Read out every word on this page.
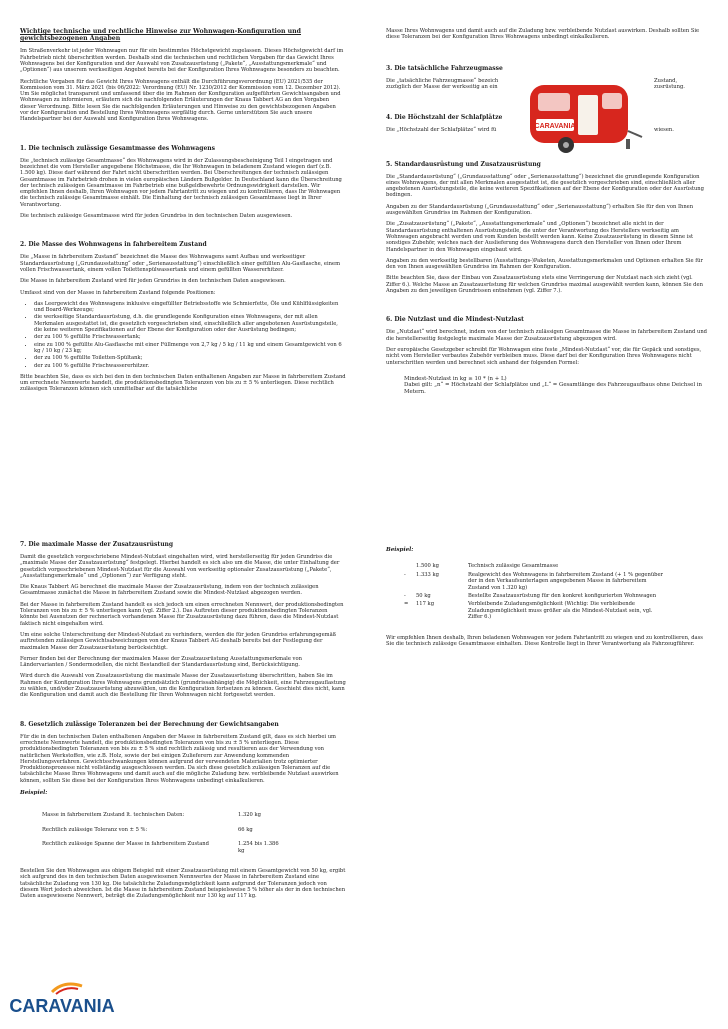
Wichtige technische und rechtliche Hinweise zur Wohnwagen-Konfiguration und gewichtsbezogenen Angaben

Im Straßenverkehr ist jeder Wohnwagen nur für ein bestimmtes Höchstgewicht zugelassen. Dieses Höchstgewicht darf im Fahrbetrieb nicht überschritten werden. Deshalb sind die technischen und rechtlichen Vorgaben für das Gewicht Ihres Wohnwagens bei der Konfiguration und der Auswahl von Zusatzausrüstung („Pakete“, „Ausstattungsmerkmale“ und „Optionen“) aus unserem werkseitigen Angebot bereits bei der Konfiguration Ihres Wohnwagens besonders zu beachten.

Rechtliche Vorgaben für das Gewicht Ihres Wohnwagens enthält die Durchführungsverordnung (EU) 2021/535 der Kommission vom 31. März 2021 (bis 06/2022: Verordnung (EU) Nr. 1230/2012 der Kommission vom 12. Dezember 2012). Um Sie möglichst transparent und umfassend über die im Rahmen der Konfiguration aufgeführten Gewichtsangaben und Wohnwagen zu informieren, erläutern sich die nachfolgenden Erläuterungen der Knaus Tabbert AG an den Vorgaben dieser Verordnung. Bitte lesen Sie die nachfolgenden Erläuterungen und Hinweise zu den gewichtsbezogenen Angaben vor der Konfiguration und Bestellung Ihres Wohnwagens sorgfältig durch. Gerne unterstützen Sie auch unsere Handelspartner bei der Auswahl und Konfiguration Ihres Wohnwagens.

1. Die technisch zulässige Gesamtmasse des Wohnwagens

Die „technisch zulässige Gesamtmasse“ des Wohnwagens wird in der Zulassungsbescheinigung Teil I eingetragen und bezeichnet die vom Hersteller angegebene Höchstmasse, die Ihr Wohnwagen in beladenem Zustand wiegen darf (z.B. 1.500 kg). Diese darf während der Fahrt nicht überschritten werden. Bei Überschreitungen der technisch zulässigen Gesamtmasse im Fahrbetrieb drohen in vielen europäischen Ländern Bußgelder. In Deutschland kann die Überschreitung der technisch zulässigen Gesamtmasse im Fahrbetrieb eine bußgeldbewehrte Ordnungswidrigkeit darstellen. Wir empfehlen Ihnen deshalb, Ihren Wohnwagen vor jedem Fahrtantritt zu wiegen und zu kontrollieren, dass Ihr Wohnwagen die technisch zulässige Gesamtmasse einhält. Die Einhaltung der technisch zulässigen Gesamtmasse liegt in Ihrer Verantwortung.

Die technisch zulässige Gesamtmasse wird für jeden Grundriss in den technischen Daten ausgewiesen.

2. Die Masse des Wohnwagens in fahrbereitem Zustand

Die „Masse in fahrbereitem Zustand“ bezeichnet die Masse des Wohnwagens samt Aufbau und werkseitiger Standardausrüstung („Grundausstattung“ oder „Serienausstattung“) einschließlich einer gefüllten Alu-Gasflasche, einem vollen Frischwassertank, einem vollen Toilettenspülwassertank und einem gefüllten Wassererhitzer.

Die Masse in fahrbereitem Zustand wird für jeden Grundriss in den technischen Daten ausgewiesen.

Umfasst sind von der Masse in fahrbereitem Zustand folgende Positionen:

• das Leergewicht des Wohnwagens inklusive eingefüllter Betriebsstoffe wie Schmierfette, Öle und Kühlflüssigkeiten und Board-Werkzeuge;
• die werkseitige Standardausrüstung, d.h. die grundlegende Konfiguration eines Wohnwagens, der mit allen Merkmalen ausgestattet ist, die gesetzlich vorgeschrieben sind, einschließlich aller angebotenen Ausrüstungsteile, die keine weiteren Spezifikationen auf der Ebene der Konfiguration oder der Ausrüstung bedingen;
• der zu 100 % gefüllte Frischwassertank;
• eine zu 100 % gefüllte Alu-Gasflasche mit einer Füllmenge von 2,7 kg / 5 kg / 11 kg und einem Gesamtgewicht von 6 kg / 10 kg / 23 kg;
• der zu 100 % gefüllte Toiletten-Spültank;
• der zu 100 % gefüllte Frischwassererhitzer.

Bitte beachten Sie, dass es sich bei den in den technischen Daten enthaltenen Angaben zur Masse in fahrbereitem Zustand um errechnete Nennwerte handelt, die produktionsbedingten Toleranzen von bis zu ± 5 % unterliegen. Diese rechtlich zulässigen Toleranzen können sich unmittelbar auf die tatsächliche

Masse Ihres Wohnwagens und damit auch auf die Zuladung bzw. verbleibende Nutzlast auswirken. Deshalb sollten Sie diese Toleranzen bei der Konfiguration Ihres Wohnwagens unbedingt einkalkulieren.

3. Die tatsächliche Fahrzeugmasse
Die „tatsächliche Fahrzeugmasse“ bezeich	Zustand,
zuzüglich der Masse der werkseitig an ein	zusrüstung.
4. Die Höchstzahl der Schlafplätze
Die „Höchstzahl der Schlafplätze“ wird fü	wiesen.
5. Standardausrüstung und Zusatzausrüstung

Die „Standardausrüstung“ („Grundausstattung“ oder „Serienausstattung“) bezeichnet die grundlegende Konfiguration eines Wohnwagens, der mit allen Merkmalen ausgestattet ist, die gesetzlich vorgeschrieben sind, einschließlich aller angebotenen Ausrüstungsteile, die keine weiteren Spezifikationen auf der Ebene der Konfiguration oder der Ausrüstung bedingen.

Angaben zu der Standardausrüstung („Grundausstattung“ oder „Serienausstattung“) erhalten Sie für den von Ihnen ausgewählten Grundriss im Rahmen der Konfiguration.

Die „Zusatzausrüstung“ („Pakete“, „Ausstattungsmerkmale“ und „Optionen“) bezeichnet alle nicht in der Standardausrüstung enthaltenen Ausrüstungsteile, die unter der Verantwortung des Herstellers werkseitig am Wohnwagen angebracht werden und vom Kunden bestellt werden kann. Keine Zusatzausrüstung in diesem Sinne ist sonstiges Zubehör, welches nach der Auslieferung des Wohnwagens durch den Hersteller von Ihnen oder Ihrem Handelspartner in den Wohnwagen eingebaut wird.

Angaben zu den werkseitig bestellbaren (Ausstattungs-)Paketen, Ausstattungsmerkmalen und Optionen erhalten Sie für den von Ihnen ausgewählten Grundriss im Rahmen der Konfiguration.

Bitte beachten Sie, dass der Einbau von Zusatzausrüstung stets eine Verringerung der Nutzlast nach sich zieht (vgl. Ziffer 6.). Welche Masse an Zusatzausrüstung für welchen Grundriss maximal ausgewählt werden kann, können Sie den Angaben zu den jeweiligen Grundrissen entnehmen (vgl. Ziffer 7.).

6. Die Nutzlast und die Mindest-Nutzlast

Die „Nutzlast“ wird berechnet, indem von der technisch zulässigen Gesamtmasse die Masse in fahrbereitem Zustand und die herstellerseitig festgelegte maximale Masse der Zusatzausrüstung abgezogen wird.

Der europäische Gesetzgeber schreibt für Wohnwagen eine feste „Mindest-Nutzlast“ vor, die für Gepäck und sonstiges, nicht vom Hersteller verbautes Zubehör verbleiben muss. Diese darf bei der Konfiguration Ihres Wohnwagens nicht unterschritten werden und berechnet sich anhand der folgenden Formel:

Mindest-Nutzlast in kg ≥ 10 * (n + L)
Dabei gilt: „n“ = Höchstzahl der Schlafplätze und „L“ = Gesamtlänge des Fahrzeugaufbaus ohne Deichsel in Metern.
CARAVANIA
7. Die maximale Masse der Zusatzausrüstung

Damit die gesetzlich vorgeschriebene Mindest-Nutzlast eingehalten wird, wird herstellerseitig für jeden Grundriss die „maximale Masse der Zusatzausrüstung“ festgelegt. Hierbei handelt es sich also um die Masse, die unter Einhaltung der gesetzlich vorgeschriebenen Mindest-Nutzlast für die Auswahl von werkseitig optionaler Zusatzausrüstung („Pakete“, „Ausstattungsmerkmale“ und „Optionen“) zur Verfügung steht.

Die Knaus Tabbert AG berechnet die maximale Masse der Zusatzausrüstung, indem von der technisch zulässigen Gesamtmasse zunächst die Masse in fahrbereitem Zustand sowie die Mindest-Nutzlast abgezogen werden.

Bei der Masse in fahrbereitem Zustand handelt es sich jedoch um einen errechneten Nennwert, der produktionsbedingten Toleranzen von bis zu ± 5 % unterliegen kann (vgl. Ziffer 2.). Das Auftreten dieser produktionsbedingten Toleranzen könnte bei Ausnutzen der rechnerisch vorhandenen Masse für Zusatzausrüstung dazu führen, dass die Mindest-Nutzlast faktisch nicht eingehalten wird.

Um eine solche Unterschreitung der Mindest-Nutzlast zu verhindern, werden die für jeden Grundriss erfahrungsgemäß auftretenden zulässigen Gewichtsabweichungen von der Knaus Tabbert AG deshalb bereits bei der Festlegung der maximalen Masse der Zusatzausrüstung berücksichtigt.

Ferner finden bei der Berechnung der maximalen Masse der Zusatzausrüstung Ausstattungsmerkmale von Ländervarianten / Sondermodellen, die nicht Bestandteil der Standardausrüstung sind, Berücksichtigung.

Wird durch die Auswahl von Zusatzausrüstung die maximale Masse der Zusatzausrüstung überschritten, haben Sie im Rahmen der Konfiguration Ihres Wohnwagens grundsätzlich (grundrissabhängig) die Möglichkeit, eine Fahrzeugauflastung zu wählen, und/oder Zusatzausrüstung abzuwählen, um die Konfiguration fortsetzen zu können. Geschieht dies nicht, kann die Konfiguration und damit auch die Bestellung für Ihren Wohnwagen nicht fortgesetzt werden.

8. Gesetzlich zulässige Toleranzen bei der Berechnung der Gewichtsangaben

Für die in den technischen Daten enthaltenen Angaben der Masse in fahrbereitem Zustand gilt, dass es sich hierbei um errechnete Nennwerte handelt, die produktionsbedingten Toleranzen von bis zu ± 5 % unterliegen. Diese produktionsbedingten Toleranzen von bis zu ± 5 % sind rechtlich zulässig und resultieren aus der Verwendung von natürlichen Werkstoffen, wie z.B. Holz, sowie der bei einigen Zulieferern zur Anwendung kommenden Herstellungsverfahren. Gewichtsschwankungen können aufgrund der verwendeten Materialien trotz optimierter Produktionsprozesse nicht vollständig ausgeschlossen werden. Da sich diese gesetzlich zulässigen Toleranzen auf die tatsächliche Masse Ihres Wohnwagens und damit auch auf die mögliche Zuladung bzw. verbleibende Nutzlast auswirken können, sollten Sie diese bei der Konfiguration Ihres Wohnwagens unbedingt einkalkulieren.

Beispiel:
Masse in fahrbereitem Zustand lt. technischen Daten:	1.320 kg
Rechtlich zulässige Toleranz von ± 5 %:	66 kg
Rechtlich zulässige Spanne der Masse in fahrbereitem Zustand	1.254 bis 1.386 kg

Bestellen Sie den Wohnwagen aus obigem Beispiel mit einer Zusatzausrüstung mit einem Gesamtgewicht von 50 kg, ergibt sich aufgrund des in den technischen Daten ausgewiesenen Nennwertes der Masse in fahrbereitem Zustand eine tatsächliche Zuladung von 130 kg. Die tatsächliche Zuladungsmöglichkeit kann aufgrund der Toleranzen jedoch von diesem Wert jedoch abweichen. Ist die Masse in fahrbereitem Zustand beispielsweise 5 % höher als der in den technischen Daten ausgewiesene Nennwert, beträgt die Zuladungsmöglichkeit nur 130 kg auf 117 kg.

CARAVANIA
Beispiel:
	1.500 kg	Technisch zulässige Gesamtmasse
-	1.333 kg	Realgewicht des Wohnwagens in fahrbereitem Zustand (+ 1 % gegenüber der in den Verkaufsunterlagen angegebenen Masse in fahrbereitem Zustand von 1.320 kg)
-	50 kg	Bestellte Zusatzausrüstung für den konkret konfigurierten Wohnwagen
=	117 kg	Verbleibende Zuladungsmöglichkeit (Wichtig: Die verbleibende Zuladungsmöglichkeit muss größer als die Mindest-Nutzlast sein, vgl. Ziffer 6.)

Wir empfehlen Ihnen deshalb, Ihren beladenen Wohnwagen vor jedem Fahrtantritt zu wiegen und zu kontrollieren, dass Sie die technisch zulässige Gesamtmasse einhalten. Diese Kontrolle liegt in Ihrer Verantwortung als Fahrzeugführer.
